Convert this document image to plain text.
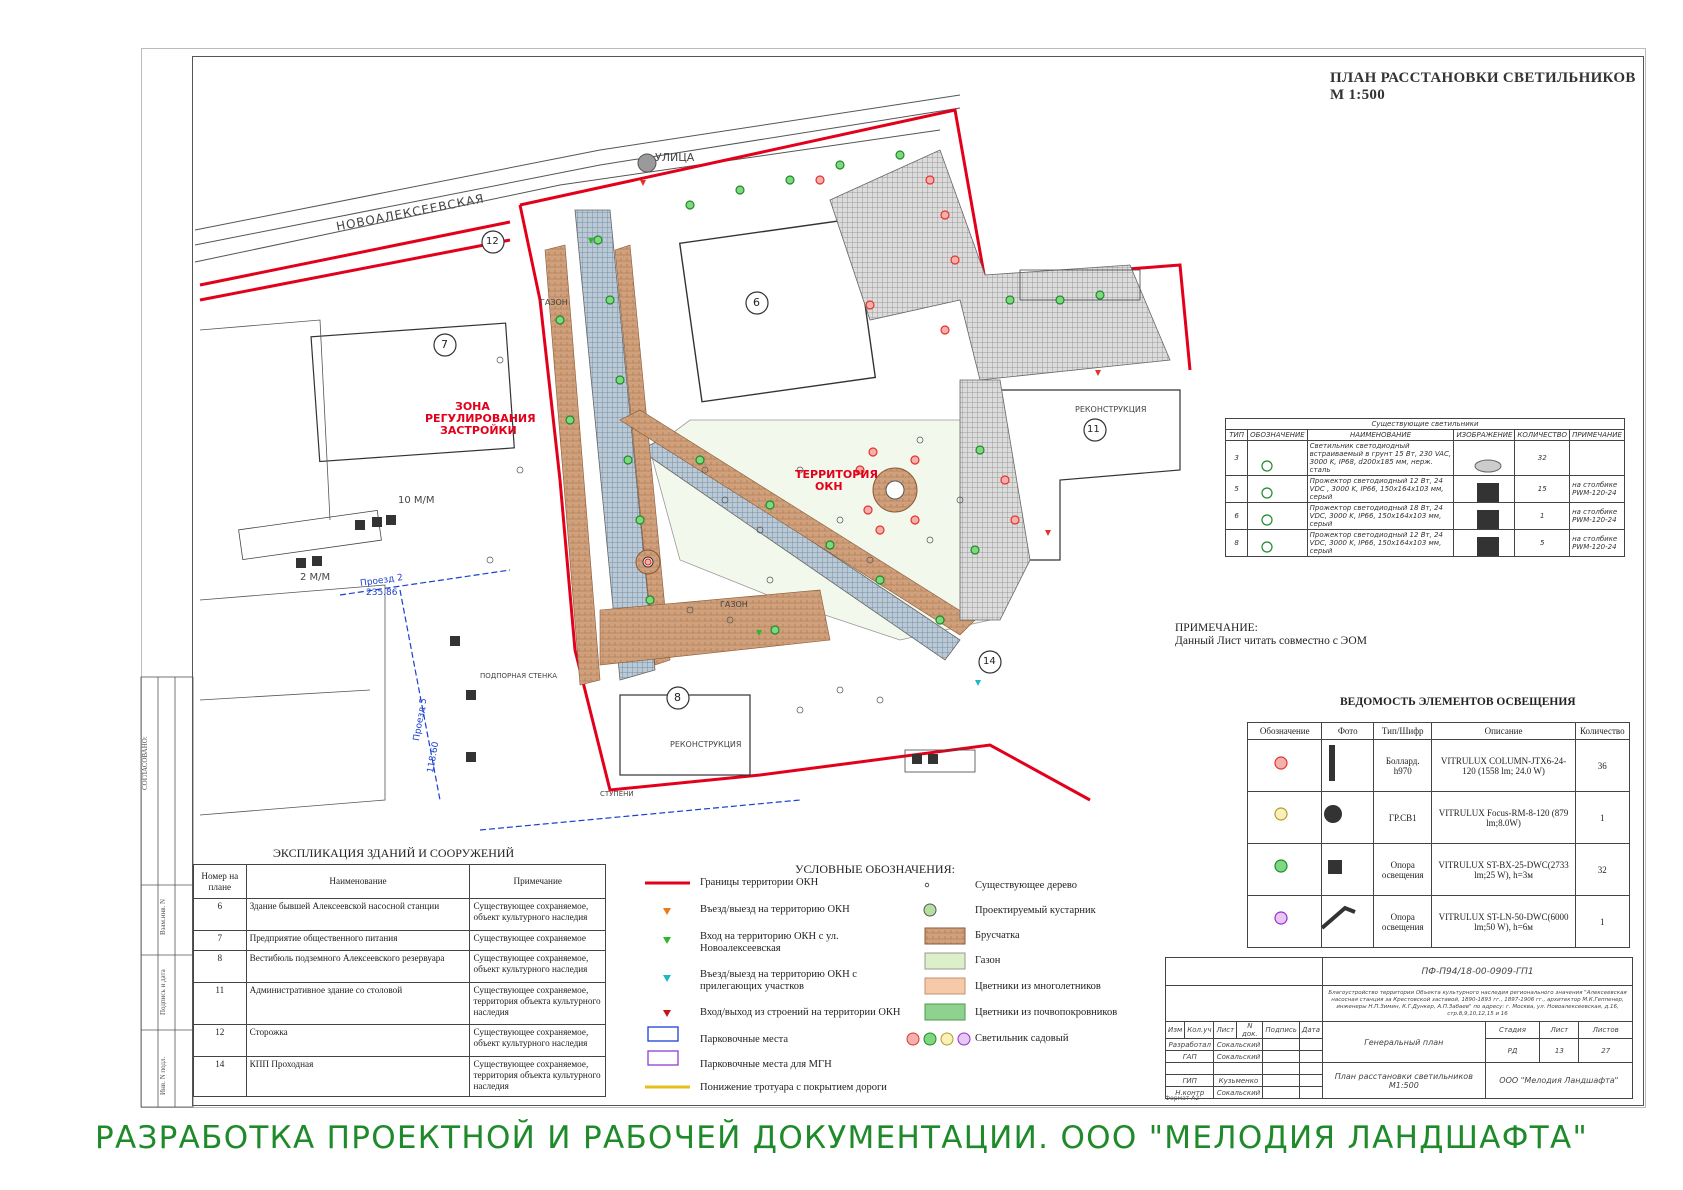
УЛИЦА
НОВОАЛЕКСЕЕВСКАЯ
ЗОНА
РЕГУЛИРОВАНИЯ
ЗАСТРОЙКИ
ТЕРРИТОРИЯ
ОКН
ГАЗОН
ГАЗОН
РЕКОНСТРУКЦИЯ
РЕКОНСТРУКЦИЯ
Проезд 2
235.86
Проезд 5
118.60
ПОДПОРНАЯ СТЕНКА
СТУПЕНИ
2 М/М
10 М/М
6
7
8
11
12
14
ПЛАН РАССТАНОВКИ СВЕТИЛЬНИКОВ
М 1:500
Существующие светильники					
ТИП	ОБОЗНАЧЕНИЕ	НАИМЕНОВАНИЕ	ИЗОБРАЖЕНИЕ	КОЛИЧЕСТВО	ПРИМЕЧАНИЕ
3		Светильник светодиодный встраиваемый в грунт 15 Вт, 230 VAC, 3000 K, IP68, d200x185 мм, нерж. сталь		32	
5		Прожектор светодиодный 12 Вт, 24 VDC , 3000 K, IP66, 150x164x103 мм, серый		15	на столбике PWM-120-24
6		Прожектор светодиодный 18 Вт, 24 VDC, 3000 K, IP66, 150x164x103 мм, серый		1	на столбике PWM-120-24
8		Прожектор светодиодный 12 Вт, 24 VDC, 3000 K, IP66, 150x164x103 мм, серый		5	на столбике PWM-120-24
ПРИМЕЧАНИЕ:
Данный Лист читать совместно с ЭОМ
ВЕДОМОСТЬ ЭЛЕМЕНТОВ ОСВЕЩЕНИЯ
Обозначение	Фото	Тип/Шифр	Описание	Количество
		Боллард. h970	VITRULUX COLUMN-JTX6-24-120 (1558 lm; 24.0 W)	36
		ГР.СВ1	VITRULUX Focus-RM-8-120 (879 lm;8.0W)	1
		Опора освещения	VITRULUX ST-BX-25-DWC(2733 lm;25 W), h=3м	32
		Опора освещения	VITRULUX ST-LN-50-DWC(6000 lm;50 W), h=6м	1
ЭКСПЛИКАЦИЯ ЗДАНИЙ И СООРУЖЕНИЙ
Номер на плане	Наименование	Примечание
6	Здание бывшей Алексеевской насосной станции	Существующее сохраняемое, объект культурного наследия
7	Предприятие общественного питания	Существующее сохраняемое
8	Вестибюль подземного Алексеевского резервуара	Существующее сохраняемое, объект культурного наследия
11	Административное здание со столовой	Существующее сохраняемое, территория объекта культурного наследия
12	Сторожка	Существующее сохраняемое, объект культурного наследия
14	КПП Проходная	Существующее сохраняемое, территория объекта культурного наследия
УСЛОВНЫЕ ОБОЗНАЧЕНИЯ:
Границы территории ОКН
Въезд/выезд на территорию ОКН
Вход на территорию ОКН с ул. Новоалексеевская
Въезд/выезд на территорию ОКН с прилегающих участков
Вход/выход из строений на территории ОКН
Парковочные места
Парковочные места для МГН
Понижение тротуара с покрытием дороги
Существующее дерево
Проектируемый кустарник
Брусчатка
Газон
Цветники из многолетников
Цветники из почвопокровников
Светильник садовый
СОГЛАСОВАНО:
Взам.инв. N
Подпись и дата
Инв. N подл.
						ПФ-П94/18-00-0909-ГП1			
						Благоустройство территории Объекта культурного наследия регионального значения "Алексеевская насосная станция за Крестовской заставой, 1890-1893 гг., 1897-1906 гг., архитектор М.К.Геппенер, инженеры Н.П.Зимин, К.Г.Дункер, А.П.Забаев" по адресу: г. Москва, ул. Новоалексеевская, д.16, стр.8,9,10,12,15 и 16			
Изм	Кол.уч	Лист	N док.	Подпись	Дата	Генеральный план	Стадия	Лист	Листов
Разработал		Сокальский					РД	13	27
ГАП		Сокальский							
						План расстановки светильников М1:500	ООО "Мелодия Ландшафта"		
ГИП		Кузьменко							
Н.контр		Сокальский							
Формат А2
РАЗРАБОТКА ПРОЕКТНОЙ И РАБОЧЕЙ ДОКУМЕНТАЦИИ. ООО "МЕЛОДИЯ ЛАНДШАФТА"
